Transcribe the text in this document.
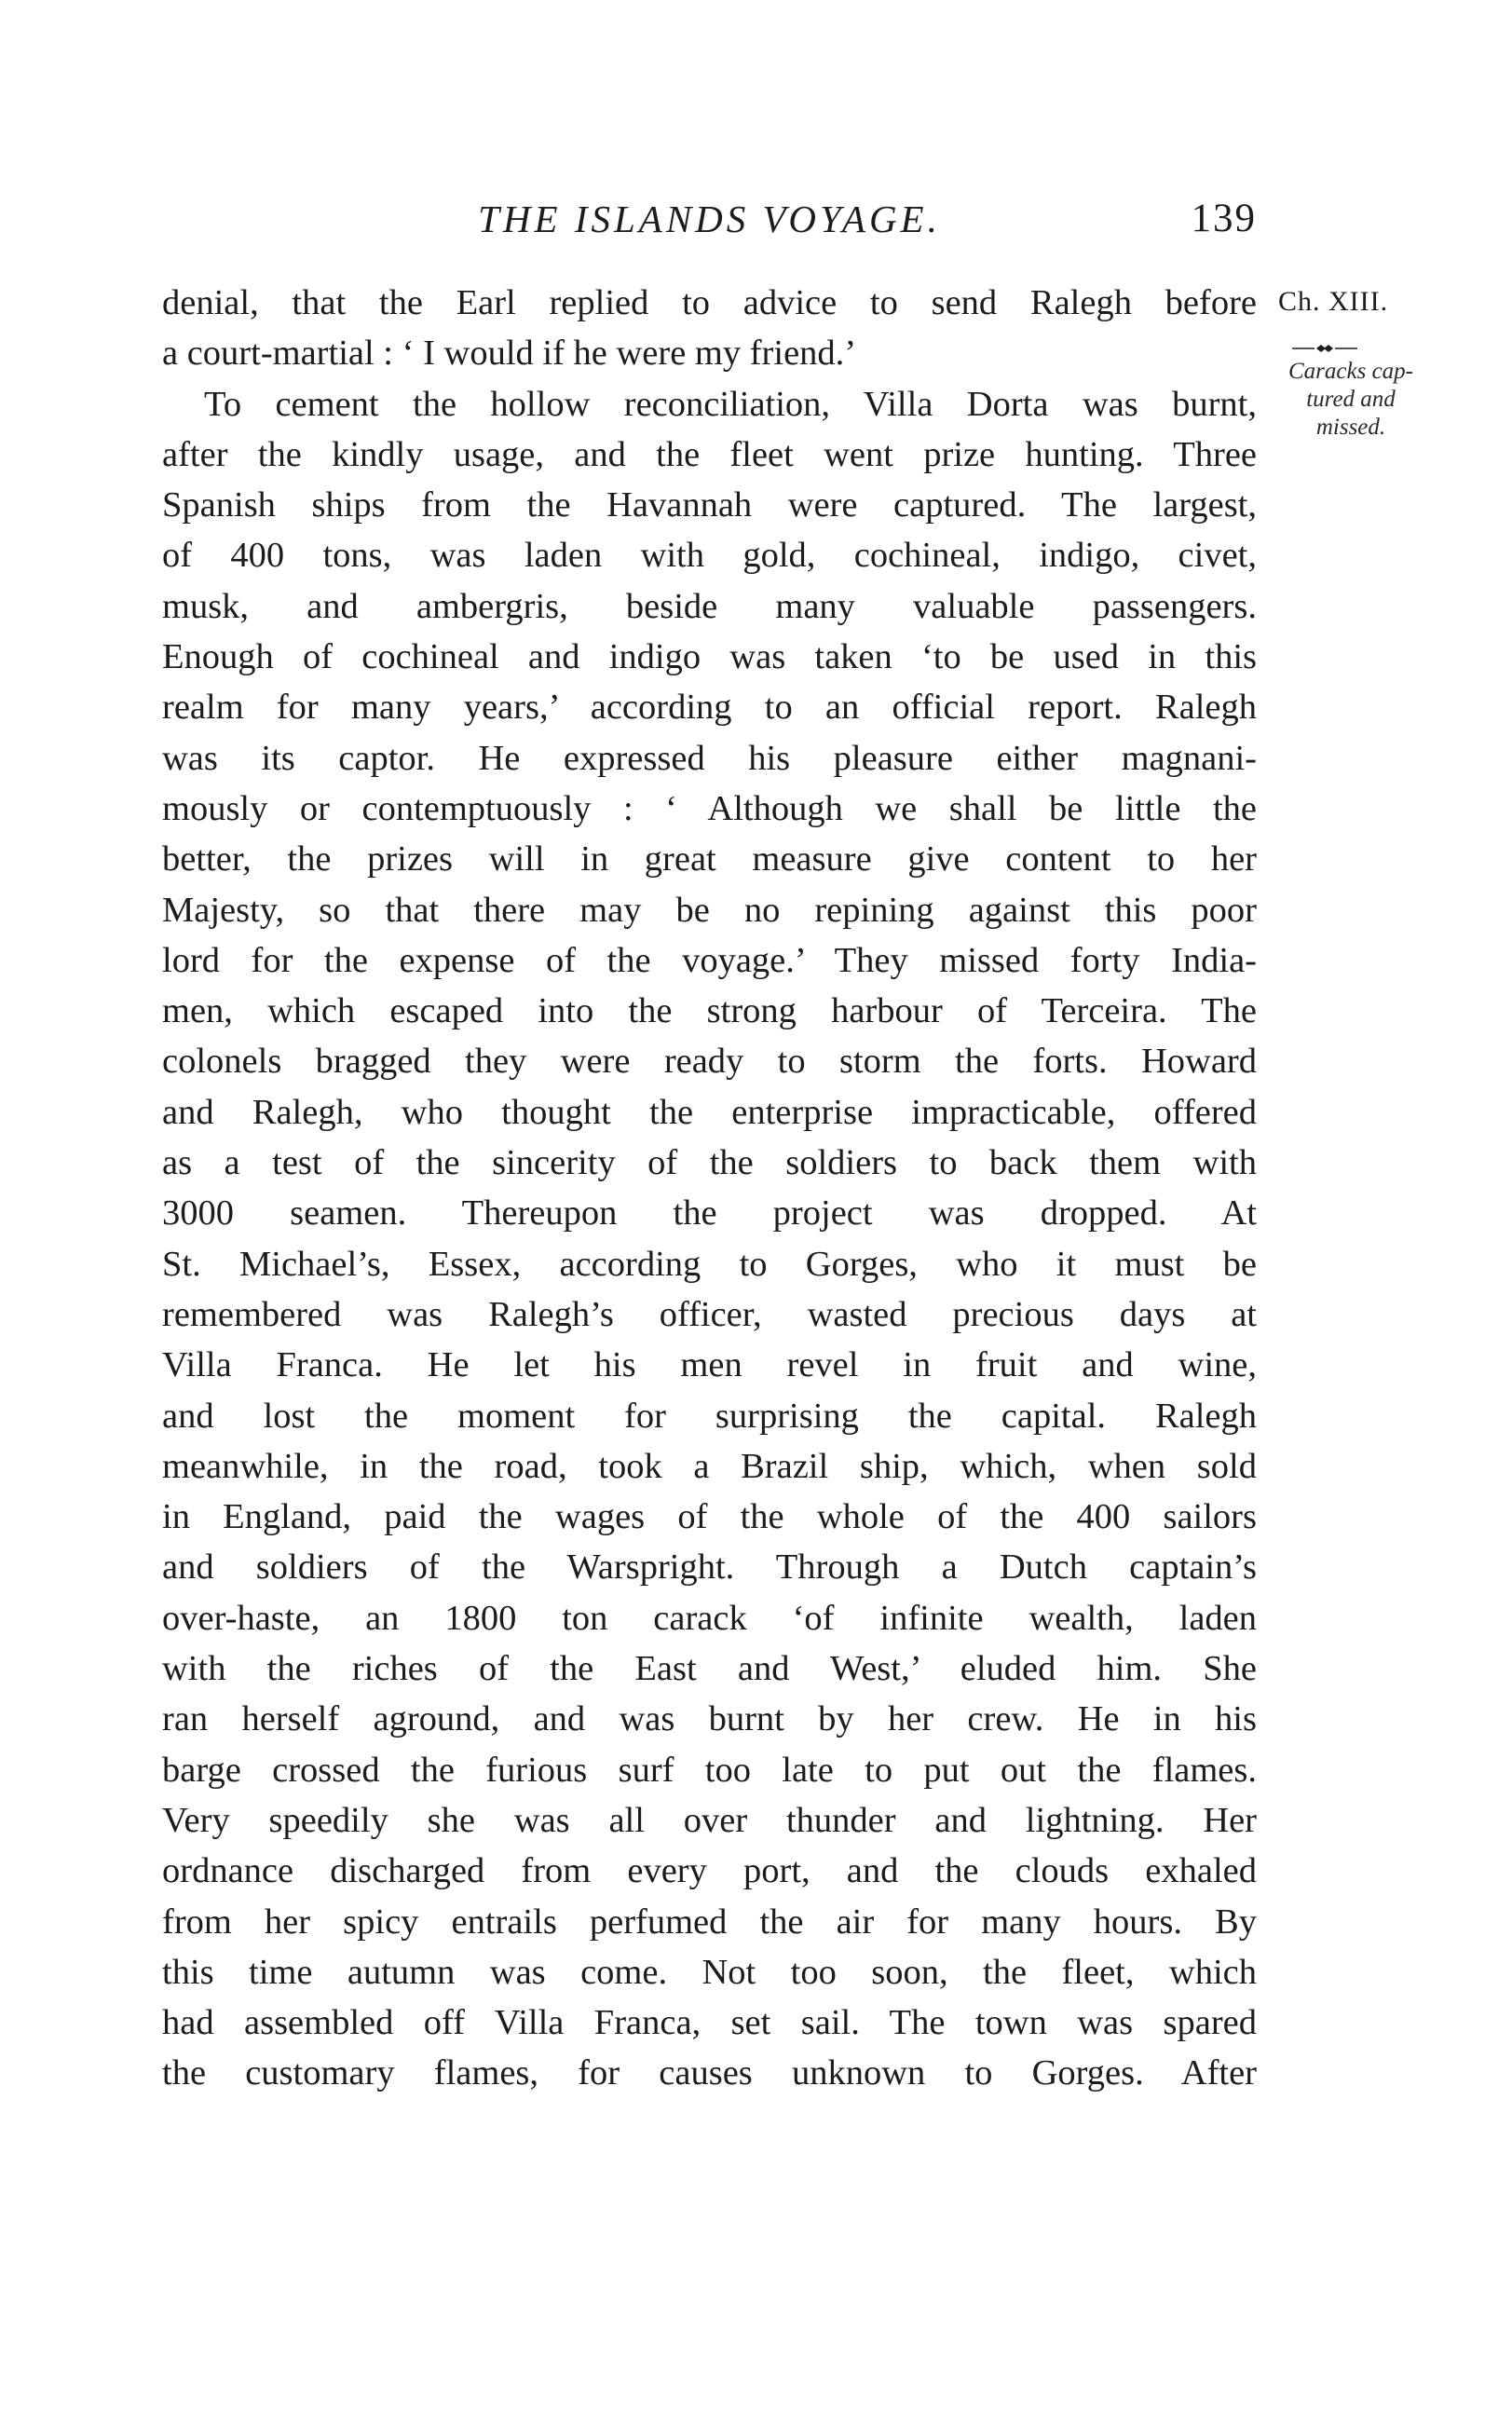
THE ISLANDS VOYAGE.	139
denial, that the Earl replied to advice to send Ralegh before
a court-martial : ‘ I would if he were my friend.’
To cement the hollow reconciliation, Villa Dorta was burnt,
after the kindly usage, and the fleet went prize hunting. Three
Spanish ships from the Havannah were captured. The largest,
of 400 tons, was laden with gold, cochineal, indigo, civet,
musk, and ambergris, beside many valuable passengers.
Enough of cochineal and indigo was taken ‘to be used in this
realm for many years,’ according to an official report. Ralegh
was its captor. He expressed his pleasure either magnani-
mously or contemptuously : ‘ Although we shall be little the
better, the prizes will in great measure give content to her
Majesty, so that there may be no repining against this poor
lord for the expense of the voyage.’ They missed forty India-
men, which escaped into the strong harbour of Terceira. The
colonels bragged they were ready to storm the forts. Howard
and Ralegh, who thought the enterprise impracticable, offered
as a test of the sincerity of the soldiers to back them with
3000 seamen. Thereupon the project was dropped. At
St. Michael’s, Essex, according to Gorges, who it must be
remembered was Ralegh’s officer, wasted precious days at
Villa Franca. He let his men revel in fruit and wine,
and lost the moment for surprising the capital. Ralegh
meanwhile, in the road, took a Brazil ship, which, when sold
in England, paid the wages of the whole of the 400 sailors
and soldiers of the Warspright. Through a Dutch captain’s
over-haste, an 1800 ton carack ‘of infinite wealth, laden
with the riches of the East and West,’ eluded him. She
ran herself aground, and was burnt by her crew. He in his
barge crossed the furious surf too late to put out the flames.
Very speedily she was all over thunder and lightning. Her
ordnance discharged from every port, and the clouds exhaled
from her spicy entrails perfumed the air for many hours. By
this time autumn was come. Not too soon, the fleet, which
had assembled off Villa Franca, set sail. The town was spared
the customary flames, for causes unknown to Gorges. After
Ch. XIII.
Caracks cap-
tured and
missed.
